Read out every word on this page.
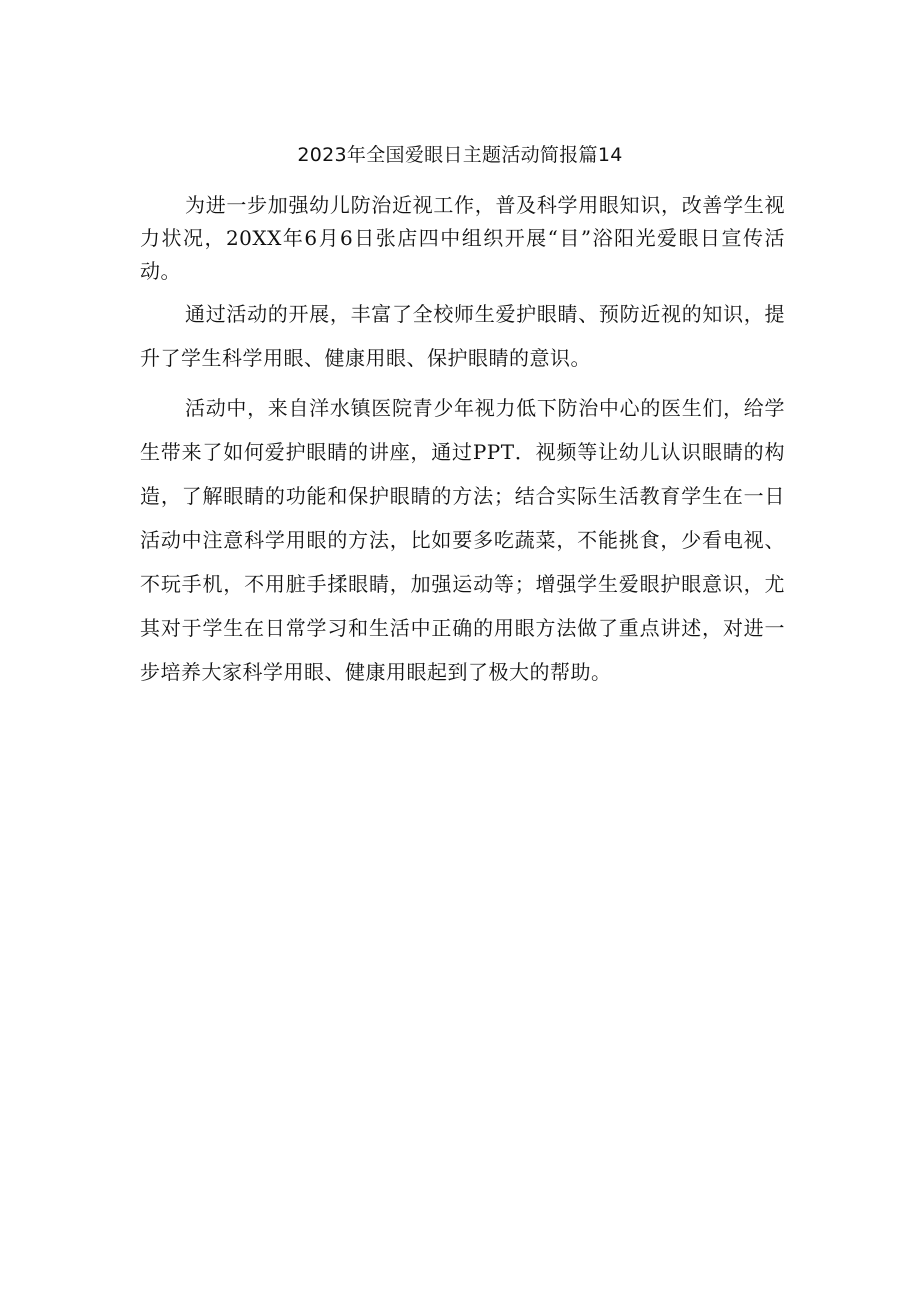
2023年全国爱眼日主题活动简报篇14

为进一步加强幼儿防治近视工作，普及科学用眼知识，改善学生视力状况，20XX年6月6日张店四中组织开展“目”浴阳光爱眼日宣传活动。

通过活动的开展，丰富了全校师生爱护眼睛、预防近视的知识，提升了学生科学用眼、健康用眼、保护眼睛的意识。

活动中，来自洋水镇医院青少年视力低下防治中心的医生们，给学生带来了如何爱护眼睛的讲座，通过PPT．视频等让幼儿认识眼睛的构造，了解眼睛的功能和保护眼睛的方法；结合实际生活教育学生在一日活动中注意科学用眼的方法，比如要多吃蔬菜，不能挑食，少看电视、不玩手机，不用脏手揉眼睛，加强运动等；增强学生爱眼护眼意识，尤其对于学生在日常学习和生活中正确的用眼方法做了重点讲述，对进一步培养大家科学用眼、健康用眼起到了极大的帮助。
